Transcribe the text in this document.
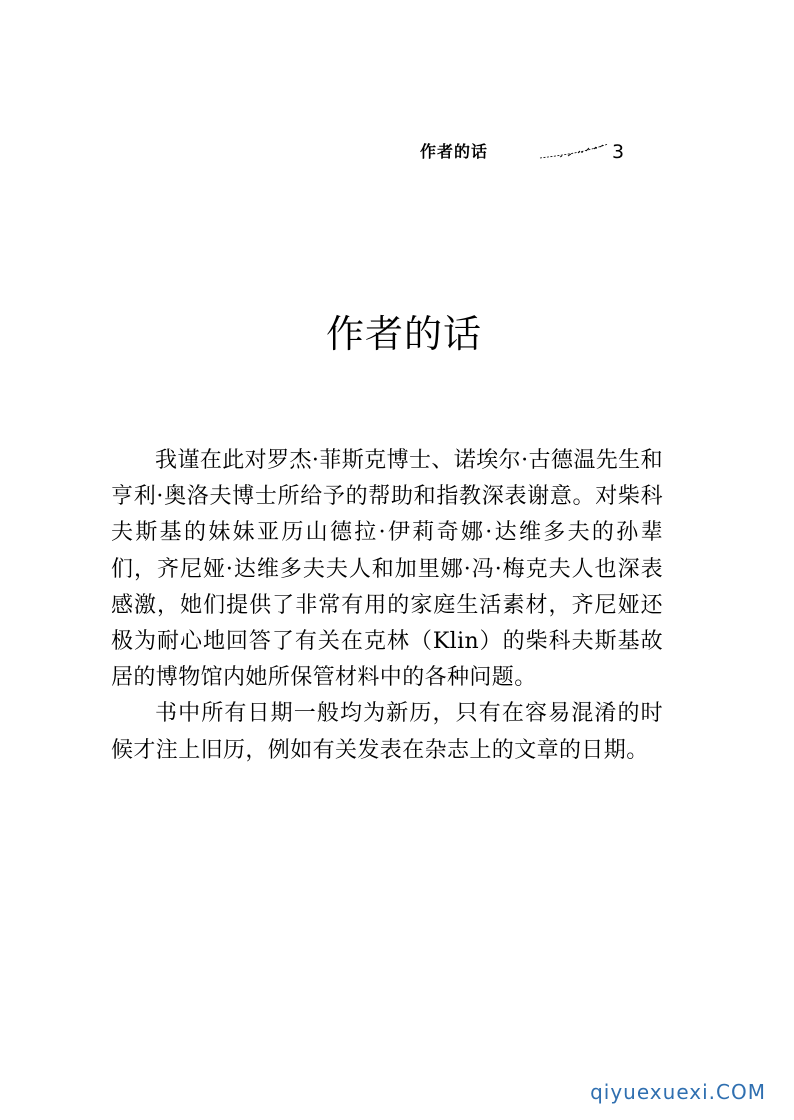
作者的话	3
作者的话

我谨在此对罗杰·菲斯克博士、诺埃尔·古德温先生和亨利·奥洛夫博士所给予的帮助和指教深表谢意。对柴科夫斯基的妹妹亚历山德拉·伊莉奇娜·达维多夫的孙辈们，齐尼娅·达维多夫夫人和加里娜·冯·梅克夫人也深表感激，她们提供了非常有用的家庭生活素材，齐尼娅还极为耐心地回答了有关在克林（Klin）的柴科夫斯基故居的博物馆内她所保管材料中的各种问题。

书中所有日期一般均为新历，只有在容易混淆的时候才注上旧历，例如有关发表在杂志上的文章的日期。

qiyuexuexi.COM
